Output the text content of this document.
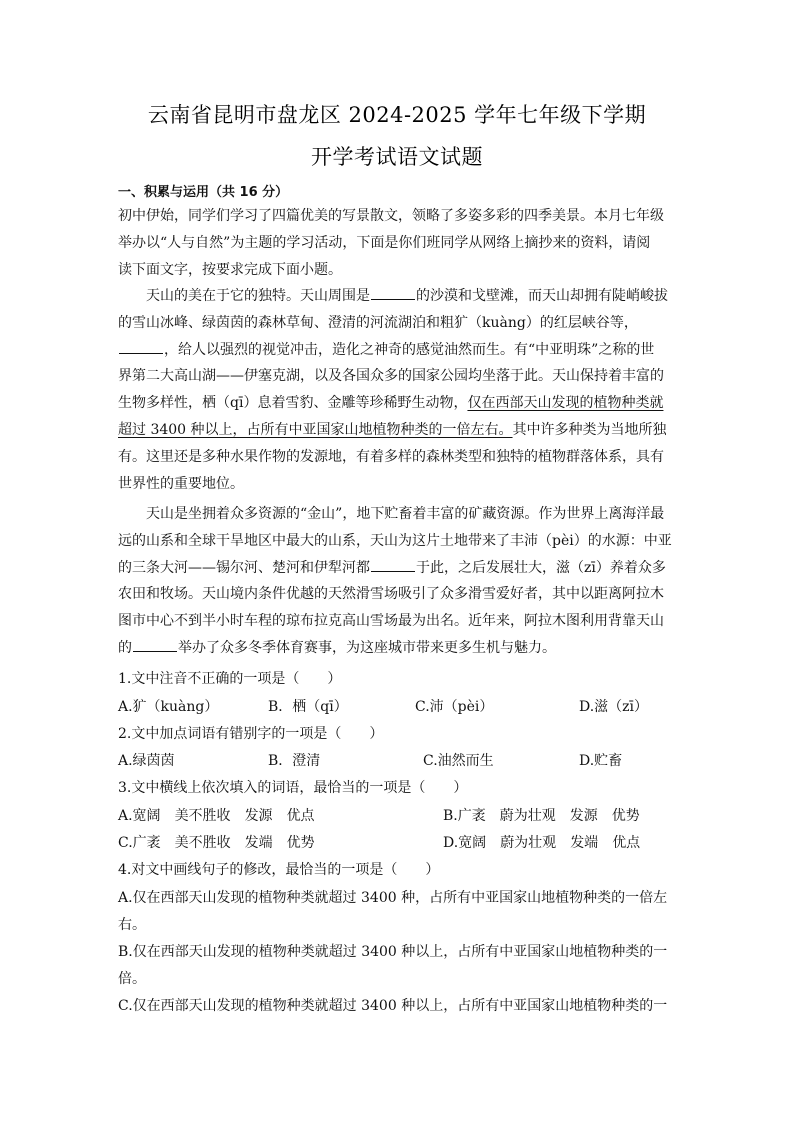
云南省昆明市盘龙区 2024-2025 学年七年级下学期
开学考试语文试题
一、积累与运用（共 16 分）
初中伊始，同学们学习了四篇优美的写景散文，领略了多姿多彩的四季美景。本月七年级
举办以“人与自然”为主题的学习活动，下面是你们班同学从网络上摘抄来的资料，请阅
读下面文字，按要求完成下面小题。
天山的美在于它的独特。天山周围是	的沙漠和戈壁滩，而天山却拥有陡峭峻拔
的雪山冰峰、绿茵茵的森林草甸、澄清的河流湖泊和粗犷（kuàng）的红层峡谷等，
，给人以强烈的视觉冲击，造化之神奇的感觉油然而生。有“中亚明珠”之称的世
界第二大高山湖——伊塞克湖，以及各国众多的国家公园均坐落于此。天山保持着丰富的
生物多样性，栖（qī）息着雪豹、金雕等珍稀野生动物，仅在西部天山发现的植物种类就
超过 3400 种以上，占所有中亚国家山地植物种类的一倍左右。其中许多种类为当地所独
有。这里还是多种水果作物的发源地，有着多样的森林类型和独特的植物群落体系，具有
世界性的重要地位。
天山是坐拥着众多资源的“金山”，地下贮畜着丰富的矿藏资源。作为世界上离海洋最
远的山系和全球干旱地区中最大的山系，天山为这片土地带来了丰沛（pèi）的水源：中亚
的三条大河——锡尔河、楚河和伊犁河都	于此，之后发展壮大，滋（zī）养着众多
农田和牧场。天山境内条件优越的天然滑雪场吸引了众多滑雪爱好者，其中以距离阿拉木
图市中心不到半小时车程的琼布拉克高山雪场最为出名。近年来，阿拉木图利用背靠天山
的	举办了众多冬季体育赛事，为这座城市带来更多生机与魅力。
1.文中注音不正确的一项是（　　）
A.犷（kuàng）	B．栖（qī）	C.沛（pèi）	D.滋（zī）
2.文中加点词语有错别字的一项是（　　）
A.绿茵茵	B．澄清	C.油然而生	D.贮畜
3.文中横线上依次填入的词语，最恰当的一项是（　　）
A.宽阔 美不胜收 发源 优点	B.广袤 蔚为壮观 发源 优势
C.广袤 美不胜收 发端 优势	D.宽阔 蔚为壮观 发端 优点
4.对文中画线句子的修改，最恰当的一项是（　　）
A.仅在西部天山发现的植物种类就超过 3400 种，占所有中亚国家山地植物种类的一倍左
右。
B.仅在西部天山发现的植物种类就超过 3400 种以上，占所有中亚国家山地植物种类的一
倍。
C.仅在西部天山发现的植物种类就超过 3400 种以上，占所有中亚国家山地植物种类的一
